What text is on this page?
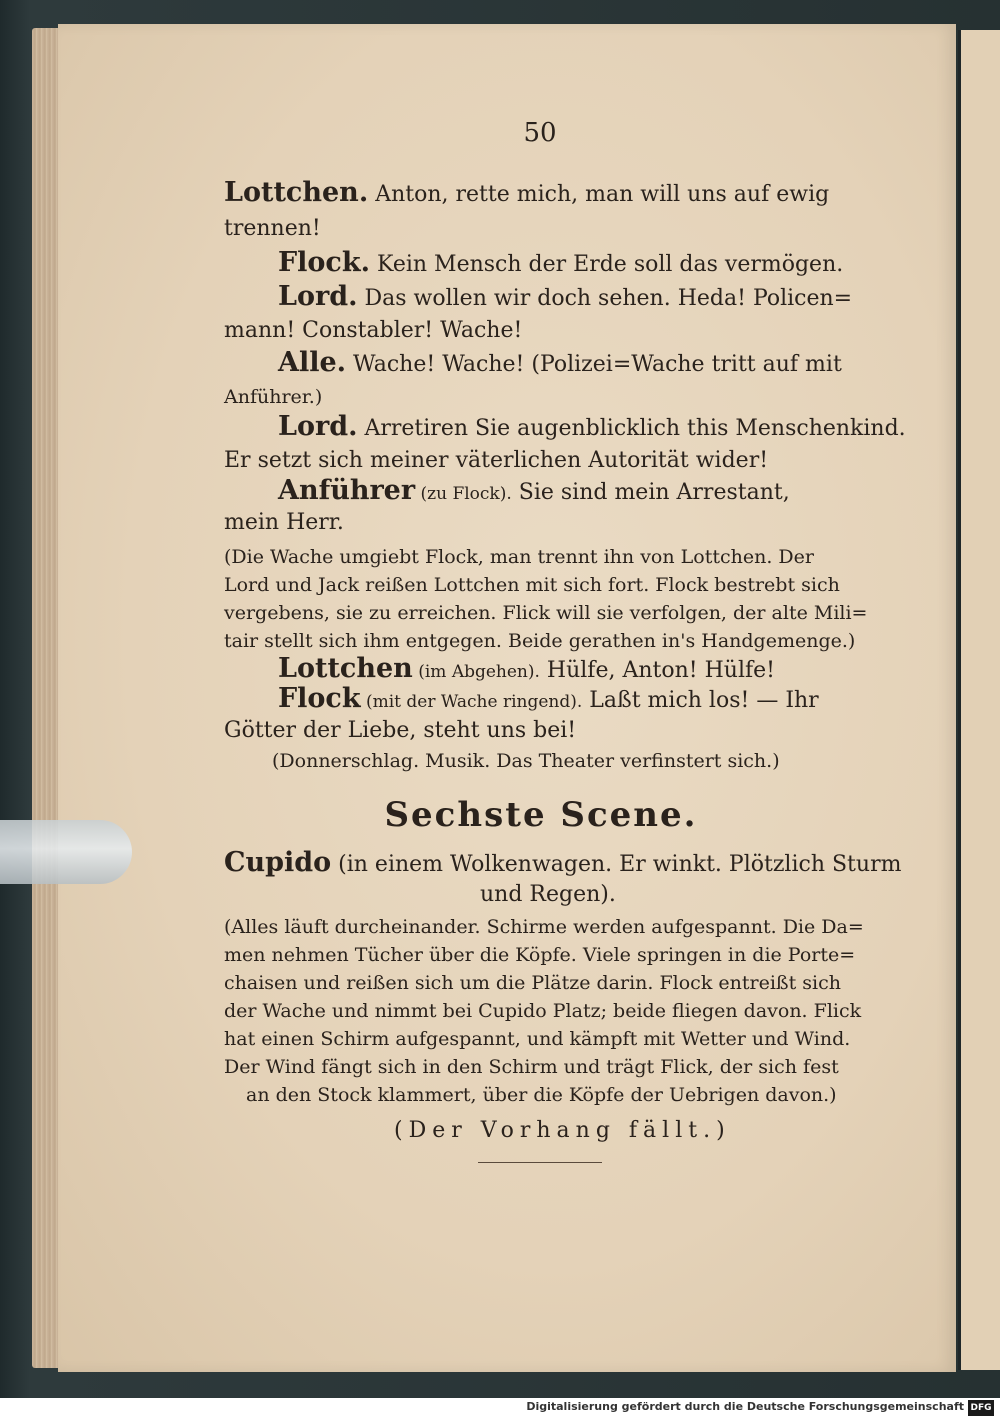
50
Lottchen. Anton, rette mich, man will uns auf ewig
trennen!
Flock. Kein Mensch der Erde soll das vermögen.
Lord. Das wollen wir doch sehen. Heda! Policen=
mann! Constabler! Wache!
Alle. Wache! Wache! (Polizei=Wache tritt auf mit
Anführer.)
Lord. Arretiren Sie augenblicklich this Menschenkind.
Er setzt sich meiner väterlichen Autorität wider!
Anführer (zu Flock). Sie sind mein Arrestant,
mein Herr.
(Die Wache umgiebt Flock, man trennt ihn von Lottchen. Der
Lord und Jack reißen Lottchen mit sich fort. Flock bestrebt sich
vergebens, sie zu erreichen. Flick will sie verfolgen, der alte Mili=
tair stellt sich ihm entgegen. Beide gerathen in's Handgemenge.)
Lottchen (im Abgehen). Hülfe, Anton! Hülfe!
Flock (mit der Wache ringend). Laßt mich los! — Ihr
Götter der Liebe, steht uns bei!
(Donnerschlag. Musik. Das Theater verfinstert sich.)
Sechste Scene.
Cupido (in einem Wolkenwagen. Er winkt. Plötzlich Sturm
und Regen).
(Alles läuft durcheinander. Schirme werden aufgespannt. Die Da=
men nehmen Tücher über die Köpfe. Viele springen in die Porte=
chaisen und reißen sich um die Plätze darin. Flock entreißt sich
der Wache und nimmt bei Cupido Platz; beide fliegen davon. Flick
hat einen Schirm aufgespannt, und kämpft mit Wetter und Wind.
Der Wind fängt sich in den Schirm und trägt Flick, der sich fest
an den Stock klammert, über die Köpfe der Uebrigen davon.)
(Der Vorhang fällt.)
Digitalisierung gefördert durch die Deutsche Forschungsgemeinschaft DFG
